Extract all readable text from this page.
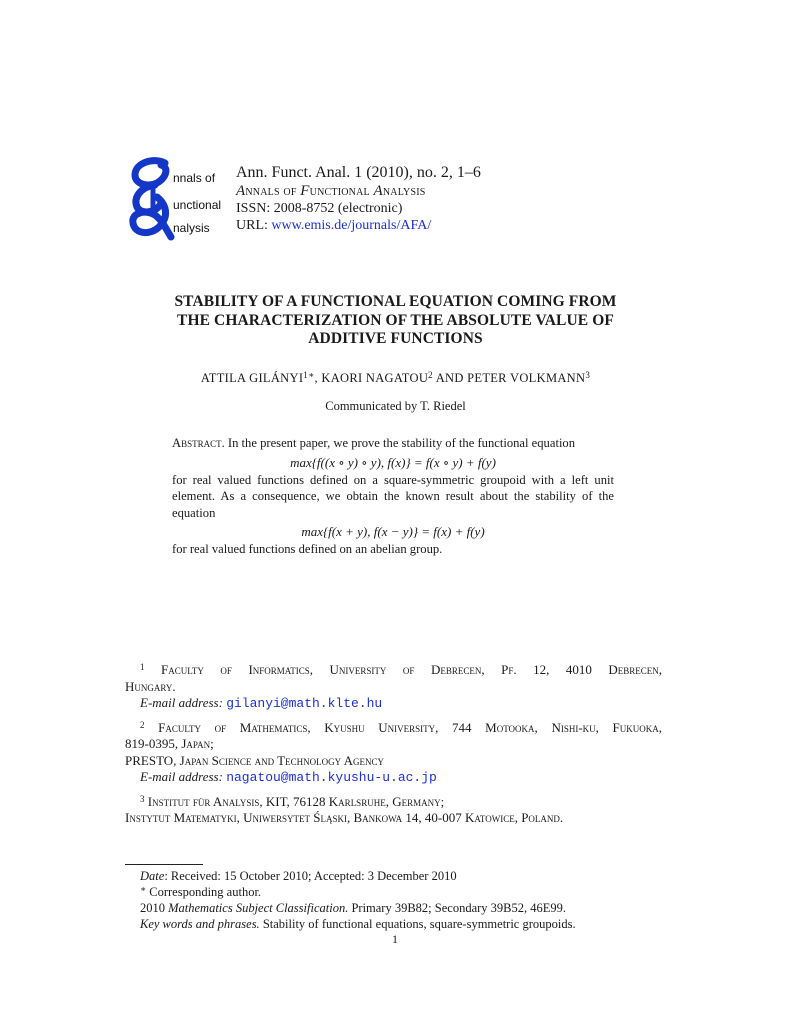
nnals of
unctional
nalysis
Ann. Funct. Anal. 1 (2010), no. 2, 1–6
Annals of Functional Analysis
ISSN: 2008-8752 (electronic)
URL: www.emis.de/journals/AFA/
STABILITY OF A FUNCTIONAL EQUATION COMING FROM
THE CHARACTERIZATION OF THE ABSOLUTE VALUE OF
ADDITIVE FUNCTIONS
ATTILA $GILÁNYI^{1∗}$, KAORI NAGATOU$^2$ AND PETER VOLKMANN$^3$
Communicated by T. Riedel
Abstract. In the present paper, we prove the stability of the functional equation
max{f((x ∘ y) ∘ y), f(x)} = f(x ∘ y) + f(y)
for real valued functions defined on a square-symmetric groupoid with a left unit element. As a consequence, we obtain the known result about the stability of the equation
max{f(x + y), f(x − y)} = f(x) + f(y)
for real valued functions defined on an abelian group.

$^1$ Faculty of Informatics, University of Debrecen, Pf. 12, 4010 Debrecen,

Hungary.

E-mail address: gilanyi@math.klte.hu

$^2$ Faculty of Mathematics, Kyushu University, 744 Motooka, Nishi-ku, Fukuoka,

819-0395, Japan;

PRESTO, Japan Science and Technology Agency

E-mail address: nagatou@math.kyushu-u.ac.jp

$^3$ Institut für Analysis, KIT, 76128 Karlsruhe, Germany;

Instytut Matematyki, Uniwersytet Śląski, Bankowa 14, 40-007 Katowice, Poland.

Date: Received: 15 October 2010; Accepted: 3 December 2010

∗ Corresponding author.

2010 Mathematics Subject Classification. Primary 39B82; Secondary 39B52, 46E99.

Key words and phrases. Stability of functional equations, square-symmetric groupoids.

1
